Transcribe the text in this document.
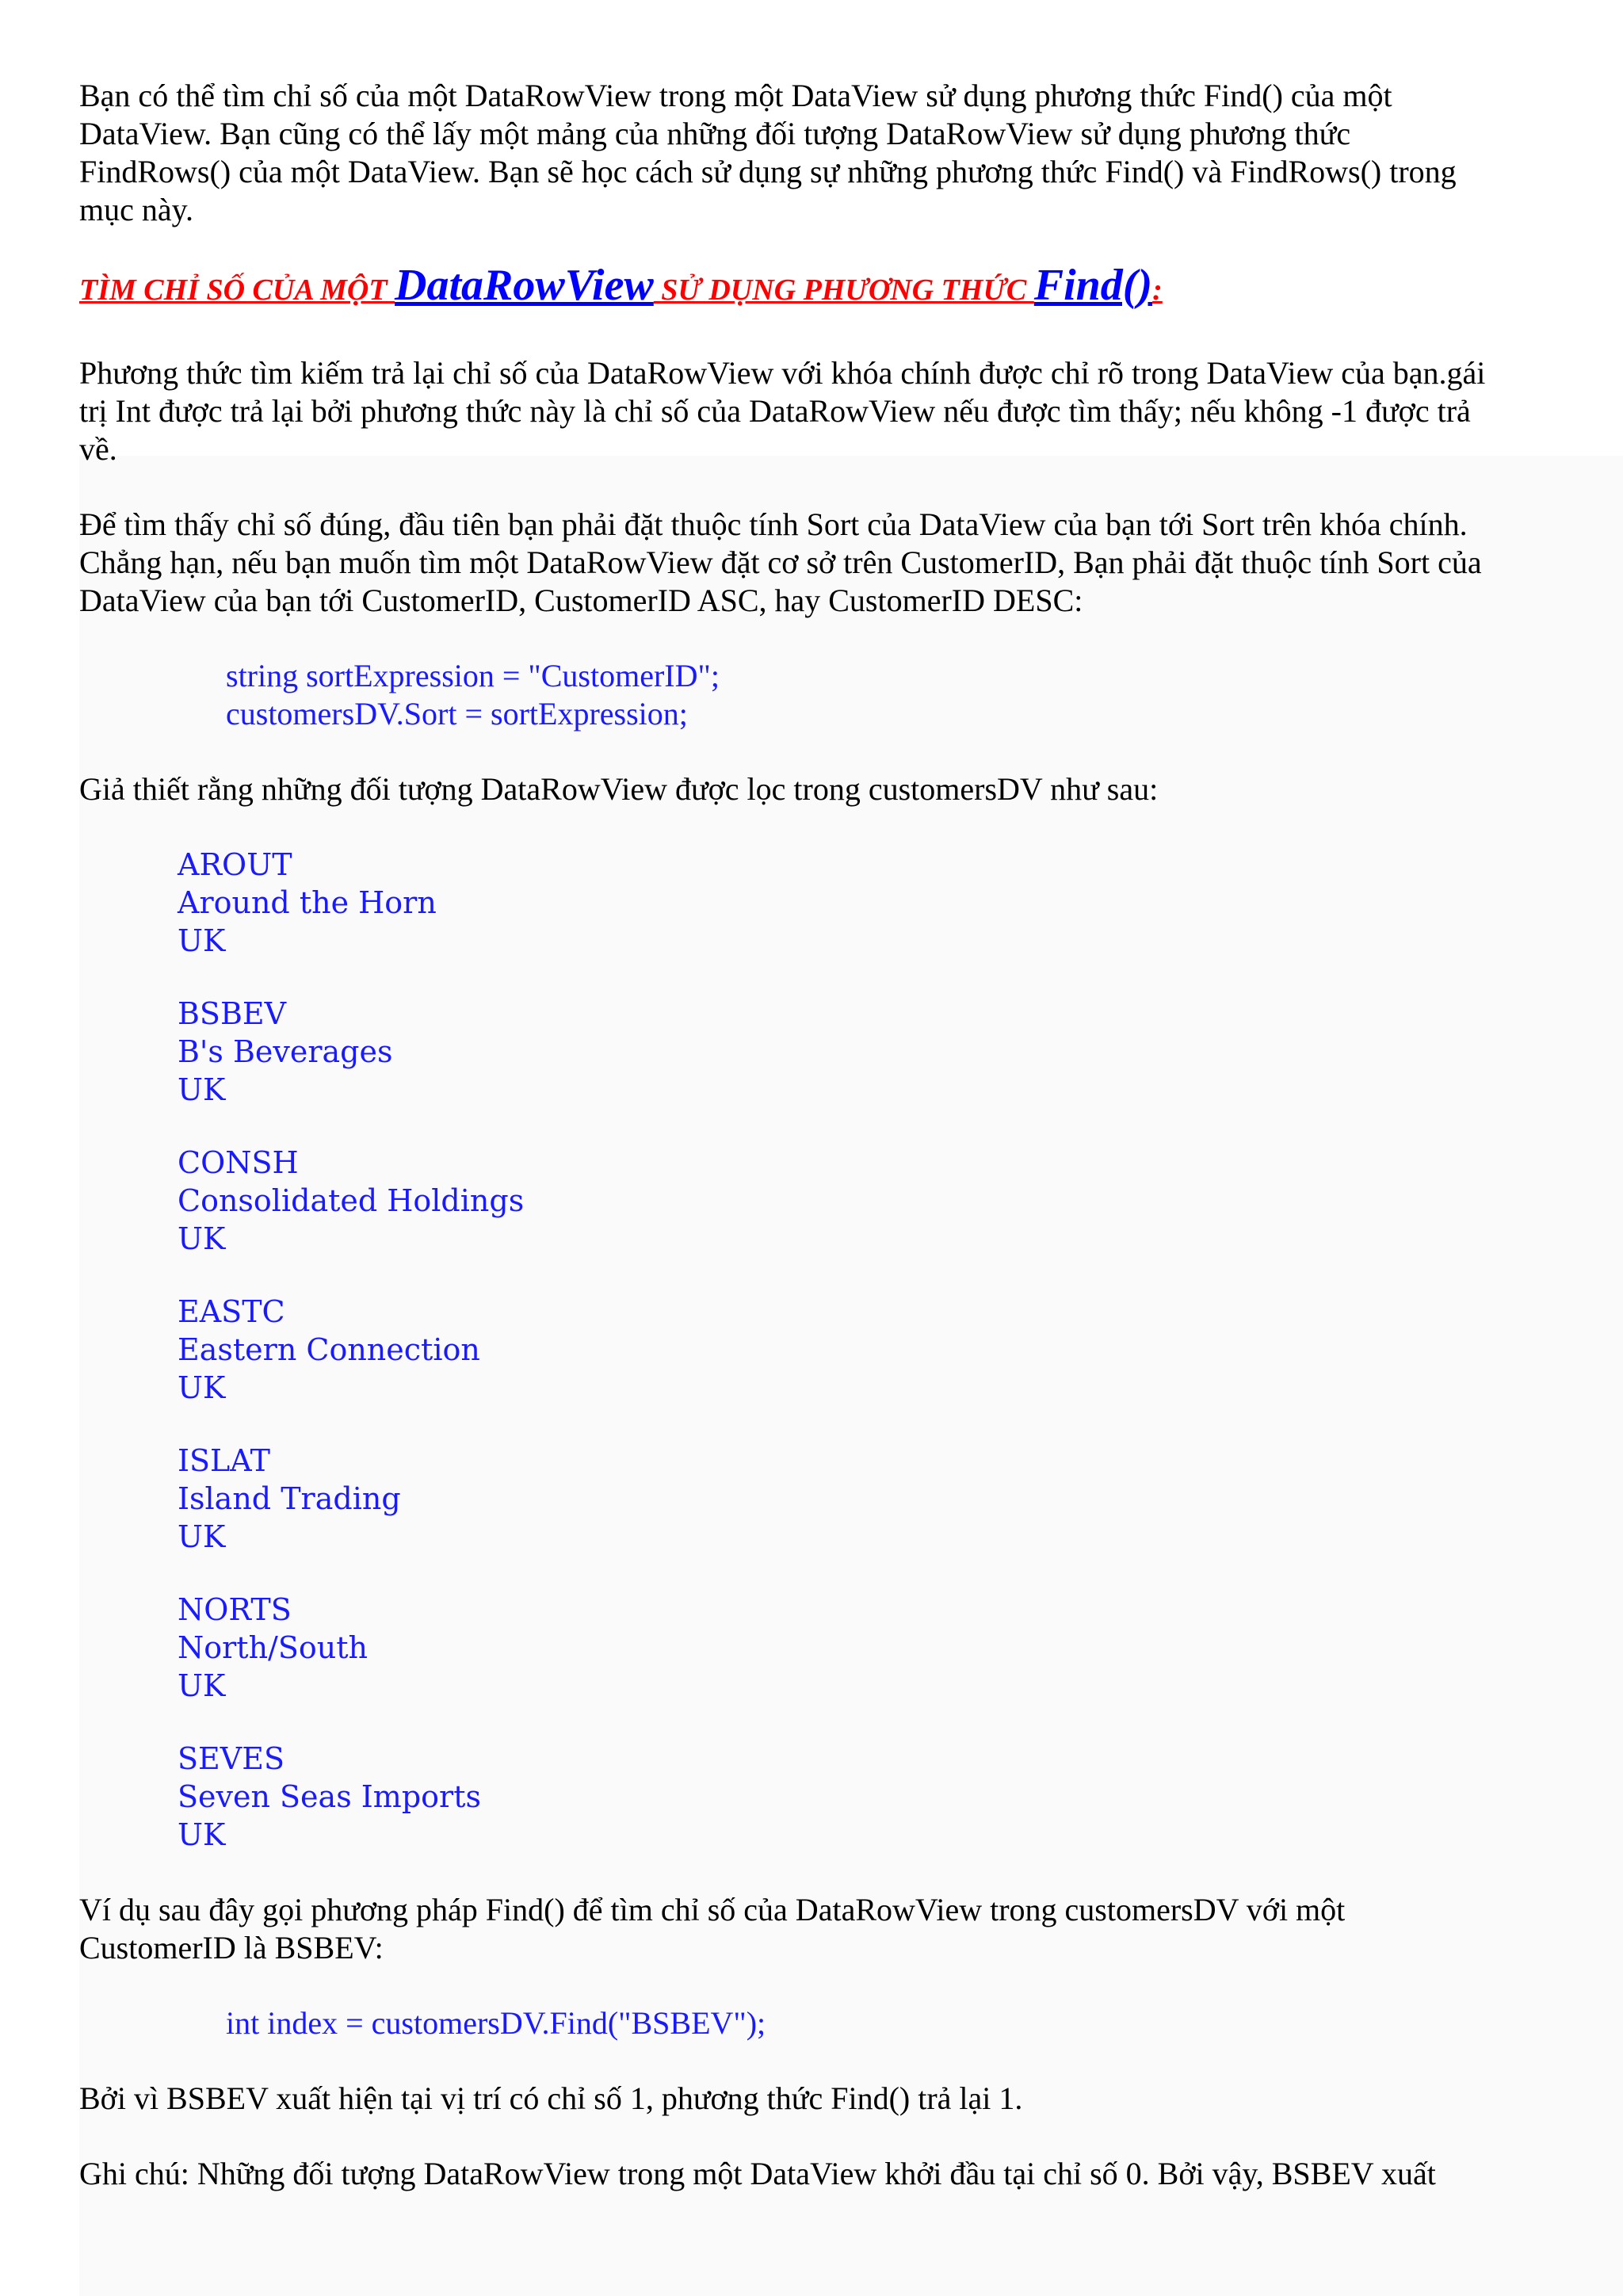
Bạn có thể tìm chỉ số của một DataRowView trong một DataView sử dụng phương thức Find() của một
DataView. Bạn cũng có thể lấy một mảng của những đối tượng DataRowView sử dụng phương thức
FindRows() của một DataView. Bạn sẽ học cách sử dụng sự những phương thức Find() và FindRows() trong
mục này.
TÌM CHỈ SỐ CỦA MỘT DataRowView SỬ DỤNG PHƯƠNG THỨC Find():
Phương thức tìm kiếm trả lại chỉ số của DataRowView với khóa chính được chỉ rõ trong DataView của bạn.gái
trị Int được trả lại bởi phương thức này là chỉ số của DataRowView nếu được tìm thấy; nếu không -1 được trả
về.
Để tìm thấy chỉ số đúng, đầu tiên bạn phải đặt thuộc tính Sort của DataView của bạn tới Sort trên khóa chính.
Chẳng hạn, nếu bạn muốn tìm một DataRowView đặt cơ sở trên CustomerID, Bạn phải đặt thuộc tính Sort của
DataView của bạn tới CustomerID, CustomerID ASC, hay CustomerID DESC:
string sortExpression = "CustomerID";
customersDV.Sort = sortExpression;
Giả thiết rằng những đối tượng DataRowView được lọc trong customersDV như sau:
AROUT
Around the Horn
UK
BSBEV
B's Beverages
UK
CONSH
Consolidated Holdings
UK
EASTC
Eastern Connection
UK
ISLAT
Island Trading
UK
NORTS
North/South
UK
SEVES
Seven Seas Imports
UK
Ví dụ sau đây gọi phương pháp Find() để tìm chỉ số của DataRowView trong customersDV với một
CustomerID là BSBEV:
int index = customersDV.Find("BSBEV");
Bởi vì BSBEV xuất hiện tại vị trí có chỉ số 1, phương thức Find() trả lại 1.
Ghi chú: Những đối tượng DataRowView trong một DataView khởi đầu tại chỉ số 0. Bởi vậy, BSBEV xuất
